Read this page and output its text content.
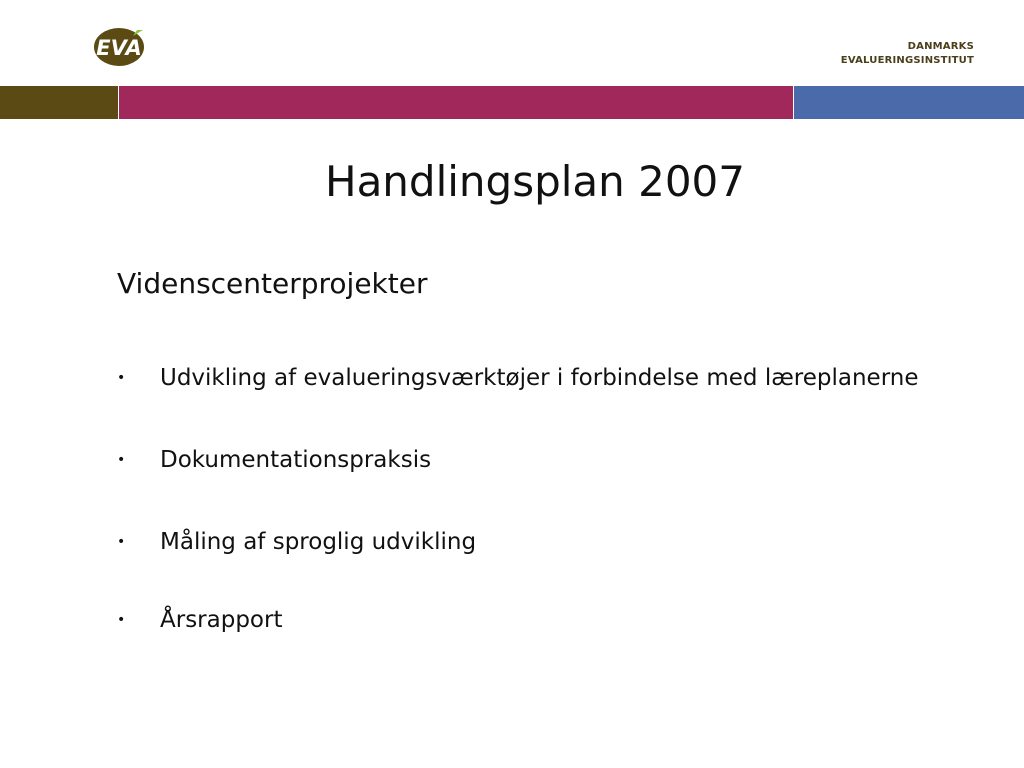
EVA	DANMARKS
EVALUERINGSINSTITUT
Handlingsplan 2007
Videnscenterprojekter
• Udvikling af evalueringsværktøjer i forbindelse med læreplanerne
• Dokumentationspraksis
• Måling af sproglig udvikling
• Årsrapport
